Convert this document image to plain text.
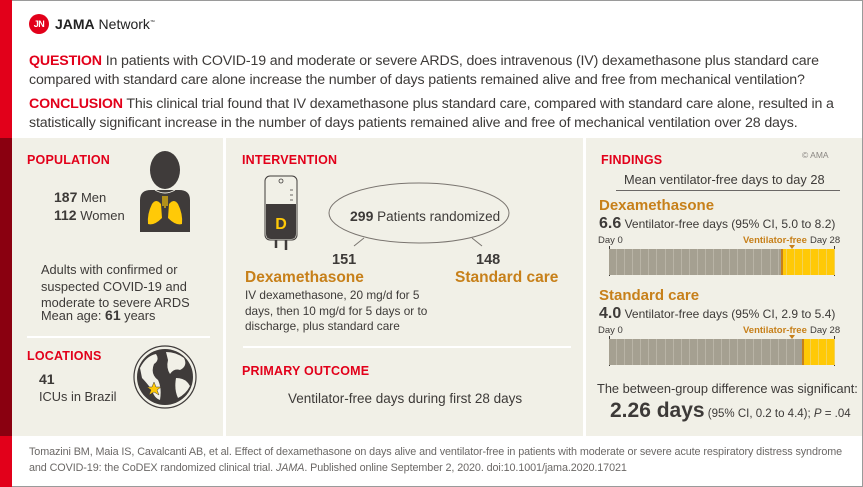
JN JAMA Network™
QUESTION In patients with COVID-19 and moderate or severe ARDS, does intravenous (IV) dexamethasone plus standard care compared with standard care alone increase the number of days patients remained alive and free from mechanical ventilation?
CONCLUSION This clinical trial found that IV dexamethasone plus standard care, compared with standard care alone, resulted in a statistically significant increase in the number of days patients remained alive and free of mechanical ventilation over 28 days.
POPULATION
187 Men
112 Women
Adults with confirmed or suspected COVID-19 and moderate to severe ARDS
Mean age: 61 years
LOCATIONS
41
ICUs in Brazil
INTERVENTION
D	299 Patients randomized
151
Dexamethasone
IV dexamethasone, 20 mg/d for 5 days, then 10 mg/d for 5 days or to discharge, plus standard care
148
Standard care
PRIMARY OUTCOME
Ventilator-free days during first 28 days
FINDINGS	© AMA
Mean ventilator-free days to day 28
Dexamethasone
6.6 Ventilator-free days (95% CI, 5.0 to 8.2)
Day 0	Ventilator-free Day 28
Standard care
4.0 Ventilator-free days (95% CI, 2.9 to 5.4)
Day 0	Ventilator-free Day 28
The between-group difference was significant:
2.26 days (95% CI, 0.2 to 4.4); P = .04
Tomazini BM, Maia IS, Cavalcanti AB, et al. Effect of dexamethasone on days alive and ventilator-free in patients with moderate or severe acute respiratory distress syndrome and COVID-19: the CoDEX randomized clinical trial. JAMA. Published online September 2, 2020. doi:10.1001/jama.2020.17021
